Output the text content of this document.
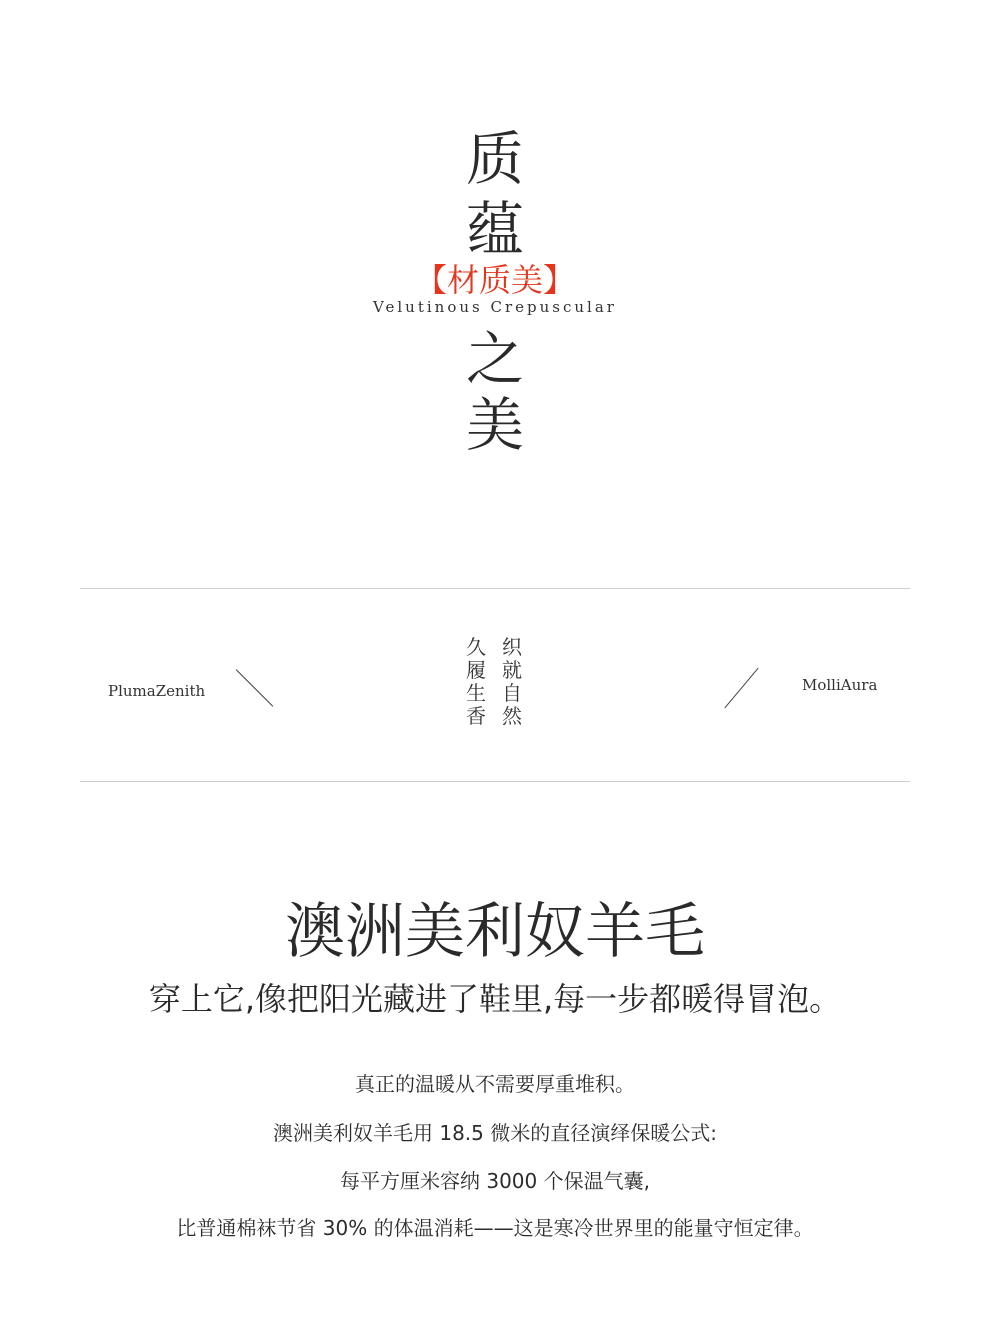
质
蕴
【材质美】
Velutinous Crepuscular
之
美
PlumaZenith
久
履
生
香
织
就
自
然
MolliAura
澳洲美利奴羊毛
穿上它,像把阳光藏进了鞋里,每一步都暖得冒泡。
真正的温暖从不需要厚重堆积。
澳洲美利奴羊毛用 18.5 微米的直径演绎保暖公式:
每平方厘米容纳 3000 个保温气囊,
比普通棉袜节省 30% 的体温消耗——这是寒冷世界里的能量守恒定律。
